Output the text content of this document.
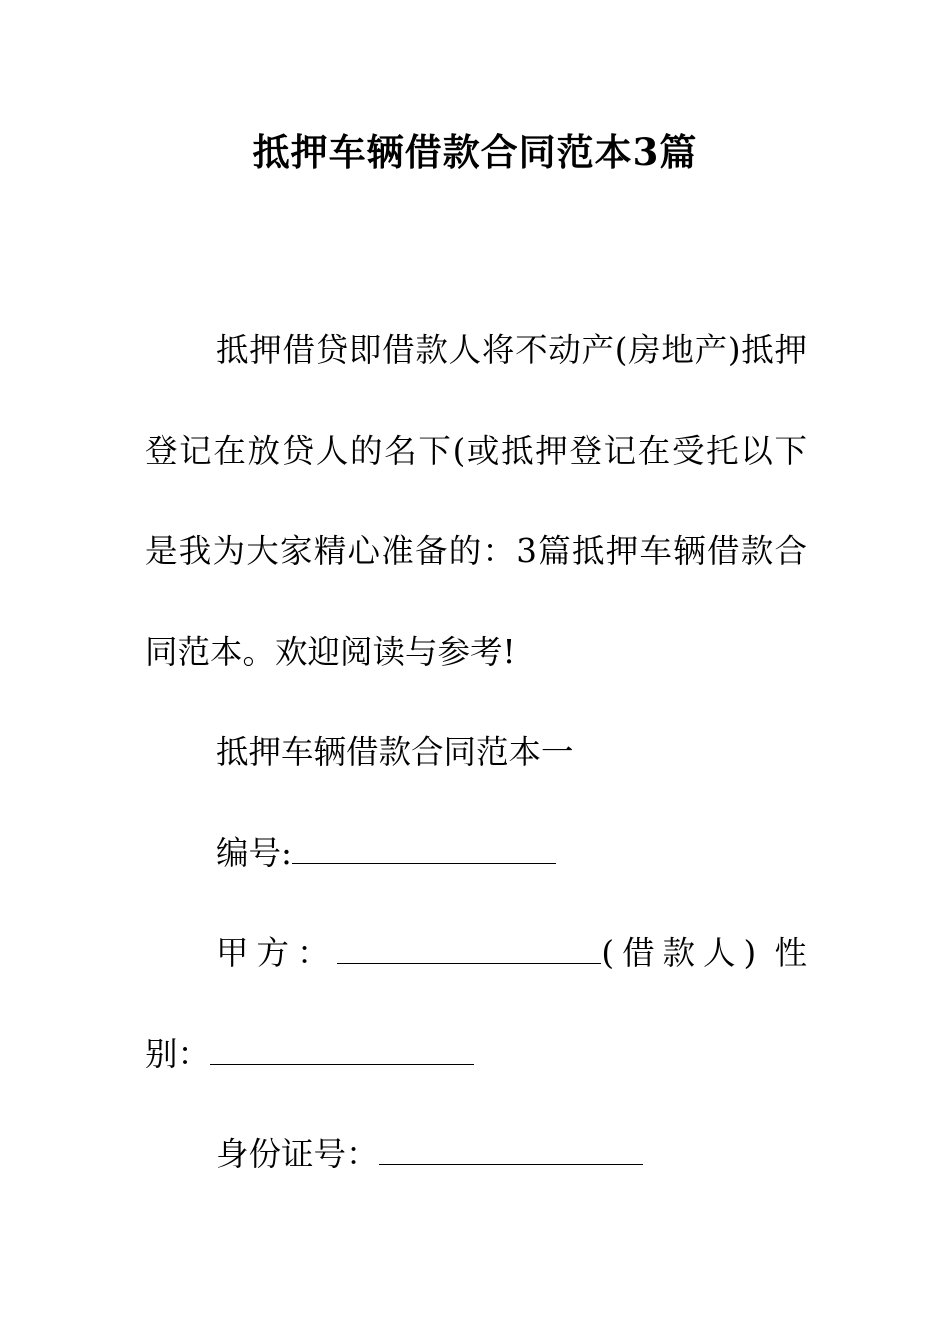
抵押车辆借款合同范本3篇

抵押借贷即借款人将不动产(房地产)抵押登记在放贷人的名下(或抵押登记在受托以下是我为大家精心准备的：3篇抵押车辆借款合同范本。欢迎阅读与参考!

抵押车辆借款合同范本一

编号:

甲方：	(借款人) 性别：

身份证号：
